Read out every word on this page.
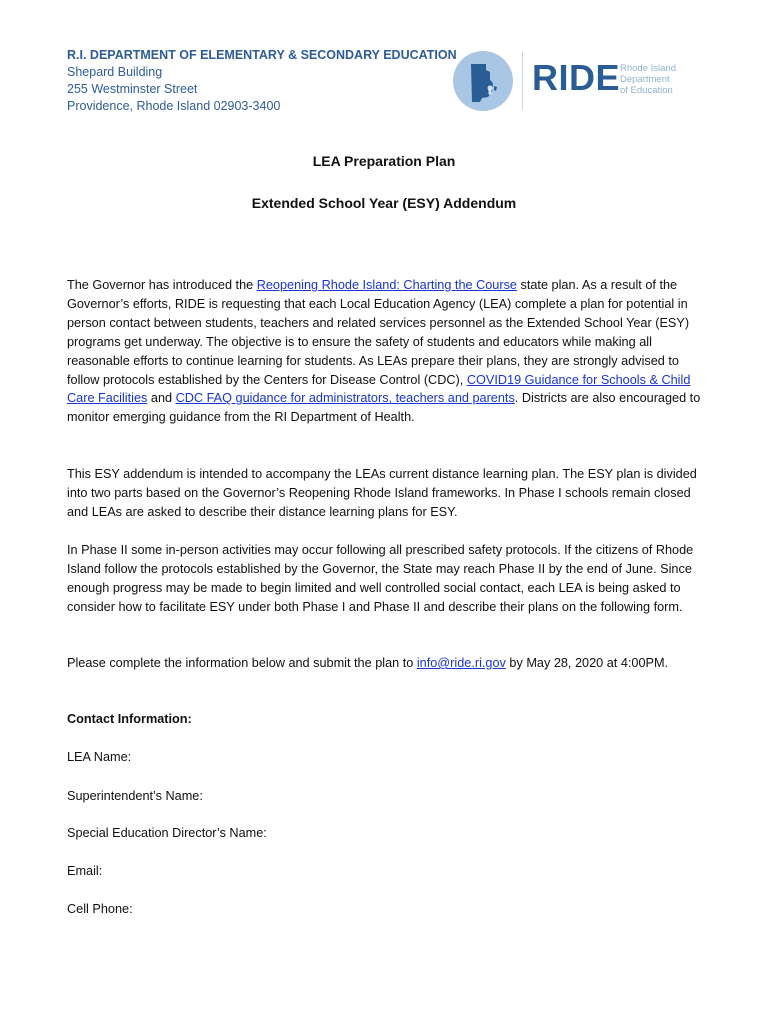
R.I. DEPARTMENT OF ELEMENTARY & SECONDARY EDUCATION
Shepard Building
255 Westminster Street
Providence, Rhode Island 02903-3400
RIDE Rhode Island
Department
of Education
LEA Preparation Plan
Extended School Year (ESY) Addendum
The Governor has introduced the Reopening Rhode Island: Charting the Course state plan. As a result of the Governor’s efforts, RIDE is requesting that each Local Education Agency (LEA) complete a plan for potential in person contact between students, teachers and related services personnel as the Extended School Year (ESY) programs get underway. The objective is to ensure the safety of students and educators while making all reasonable efforts to continue learning for students. As LEAs prepare their plans, they are strongly advised to follow protocols established by the Centers for Disease Control (CDC), COVID19 Guidance for Schools & Child Care Facilities and CDC FAQ guidance for administrators, teachers and parents. Districts are also encouraged to monitor emerging guidance from the RI Department of Health.
This ESY addendum is intended to accompany the LEAs current distance learning plan. The ESY plan is divided into two parts based on the Governor’s Reopening Rhode Island frameworks. In Phase I schools remain closed and LEAs are asked to describe their distance learning plans for ESY.
In Phase II some in-person activities may occur following all prescribed safety protocols. If the citizens of Rhode Island follow the protocols established by the Governor, the State may reach Phase II by the end of June. Since enough progress may be made to begin limited and well controlled social contact, each LEA is being asked to consider how to facilitate ESY under both Phase I and Phase II and describe their plans on the following form.
Please complete the information below and submit the plan to info@ride.ri.gov by May 28, 2020 at 4:00PM.
Contact Information:
LEA Name:
Superintendent’s Name:
Special Education Director’s Name:
Email:
Cell Phone:
